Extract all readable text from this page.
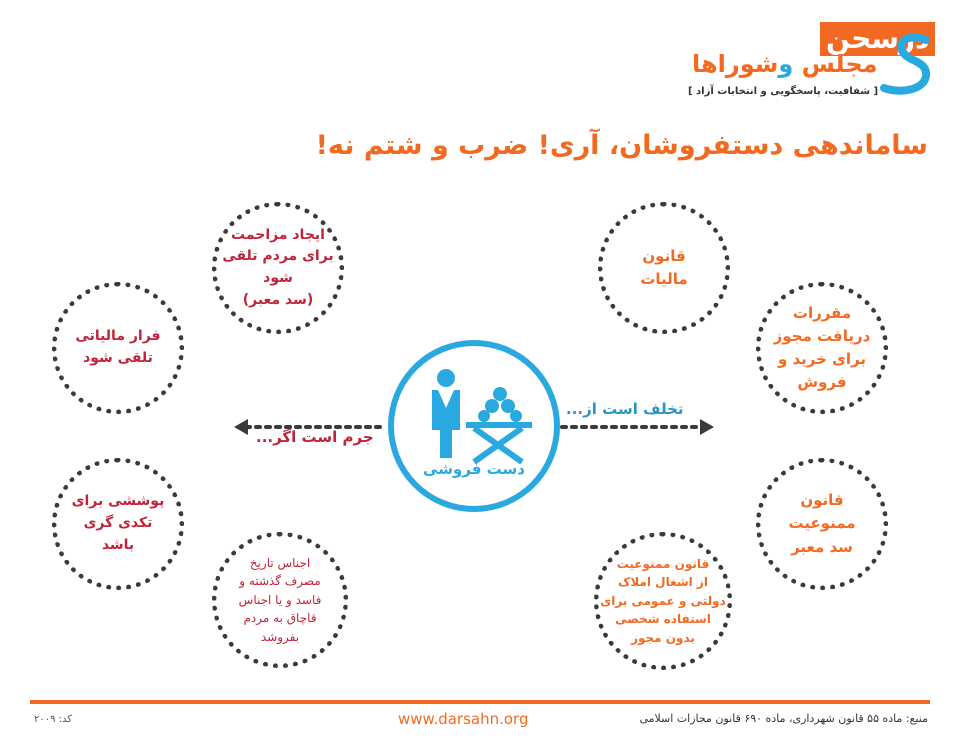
درسحن
مجلس وشوراها
[ شفافیت، پاسخگویی و انتخابات آزاد ]
ساماندهی دستفروشان، آری! ضرب و شتم نه!
جرم است اگر...
تخلف است از...
دست فروشی
ایجاد مزاحمت
برای مردم تلقی
شود
(سد معبر)
فرار مالیاتی
تلقی شود
پوششی برای
تکدی گری
باشد
اجناس تاریخ
مصرف گذشته و
فاسد و یا اجناس
قاچاق به مردم
بفروشد
قانون
مالیات
مقررات
دریافت مجوز
برای خرید و
فروش
قانون
ممنوعیت
سد معبر
قانون ممنوعیت
از اشغال املاک
دولتی و عمومی برای
استفاده شخصی
بدون مجوز
منبع: ماده ۵۵ قانون شهرداری، ماده ۶۹۰ قانون مجازات اسلامی
www.darsahn.org
کد: ۲۰۰۹
